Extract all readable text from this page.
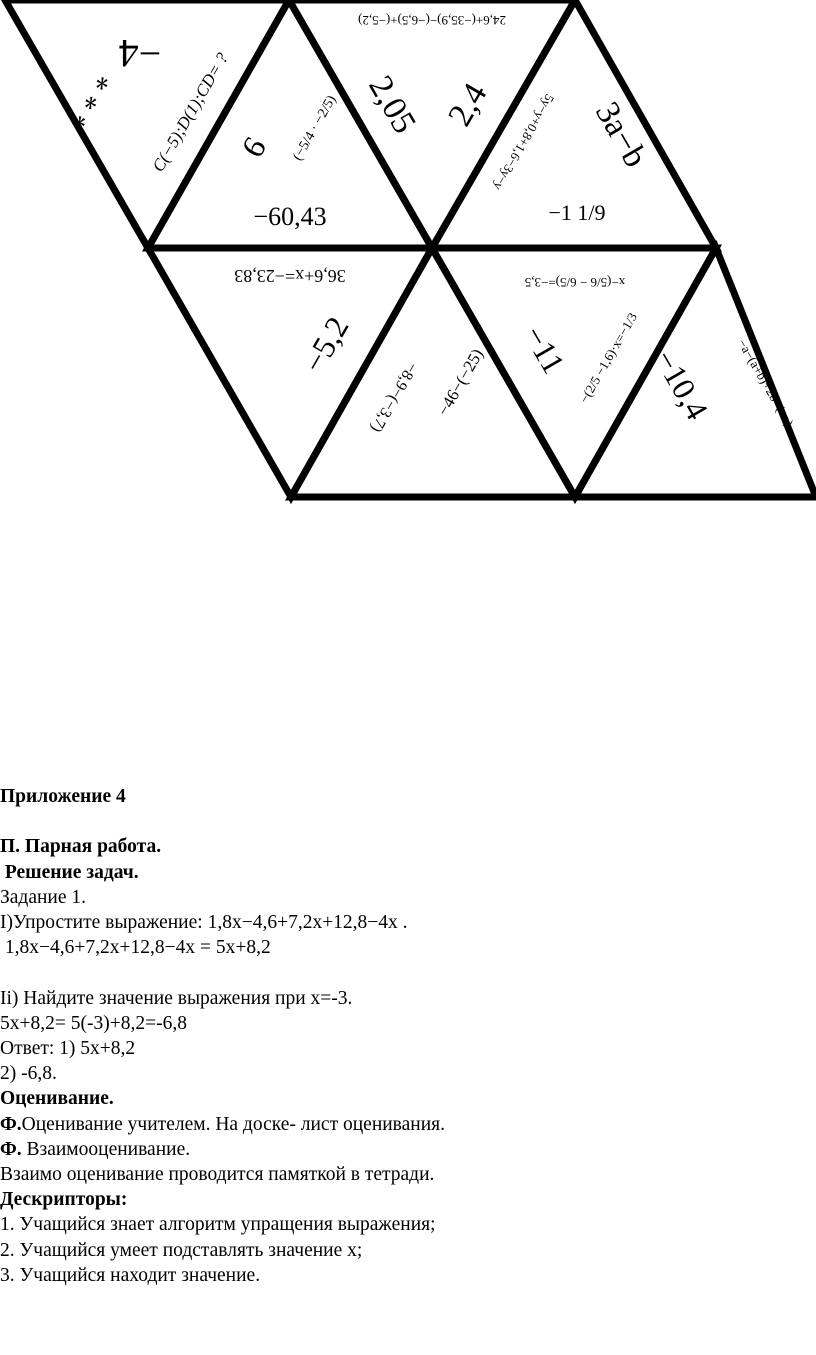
−4
* * * C(−5);D(1);CD= ? 9 (−5/4 · −2/5)
−60,43
2,05
24,6+(−35,9)−(−6,5)+(−5,2)
2,4
5y−y+0,8+1,6−3y−y 3a−b
−1 1/9
36,6+x=−23,83
−5,2
−8,9−(−3,7)
x−(5/6 − 6/5)=−3,5
−46−(−25) −11 −(2/5 −1,6)·x=−1/3 −10,4 −a−(a+b)+2b−(−a)

Приложение 4

П. Парная работа.

Решение задач.

Задание 1.

I)Упростите выражение: 1,8х−4,6+7,2х+12,8−4х .

1,8х−4,6+7,2х+12,8−4х = 5х+8,2

Ii) Найдите значение выражения при х=-3.

5х+8,2= 5(-3)+8,2=-6,8

Ответ: 1) 5х+8,2

2) -6,8.

Оценивание.

Ф.Оценивание учителем. На доске- лист оценивания.

Ф. Взаимооценивание.

Взаимо оценивание проводится памяткой в тетради.

Дескрипторы:

1. Учащийся знает алгоритм упращения выражения;

2. Учащийся умеет подставлять значение х;

3. Учащийся находит значение.
